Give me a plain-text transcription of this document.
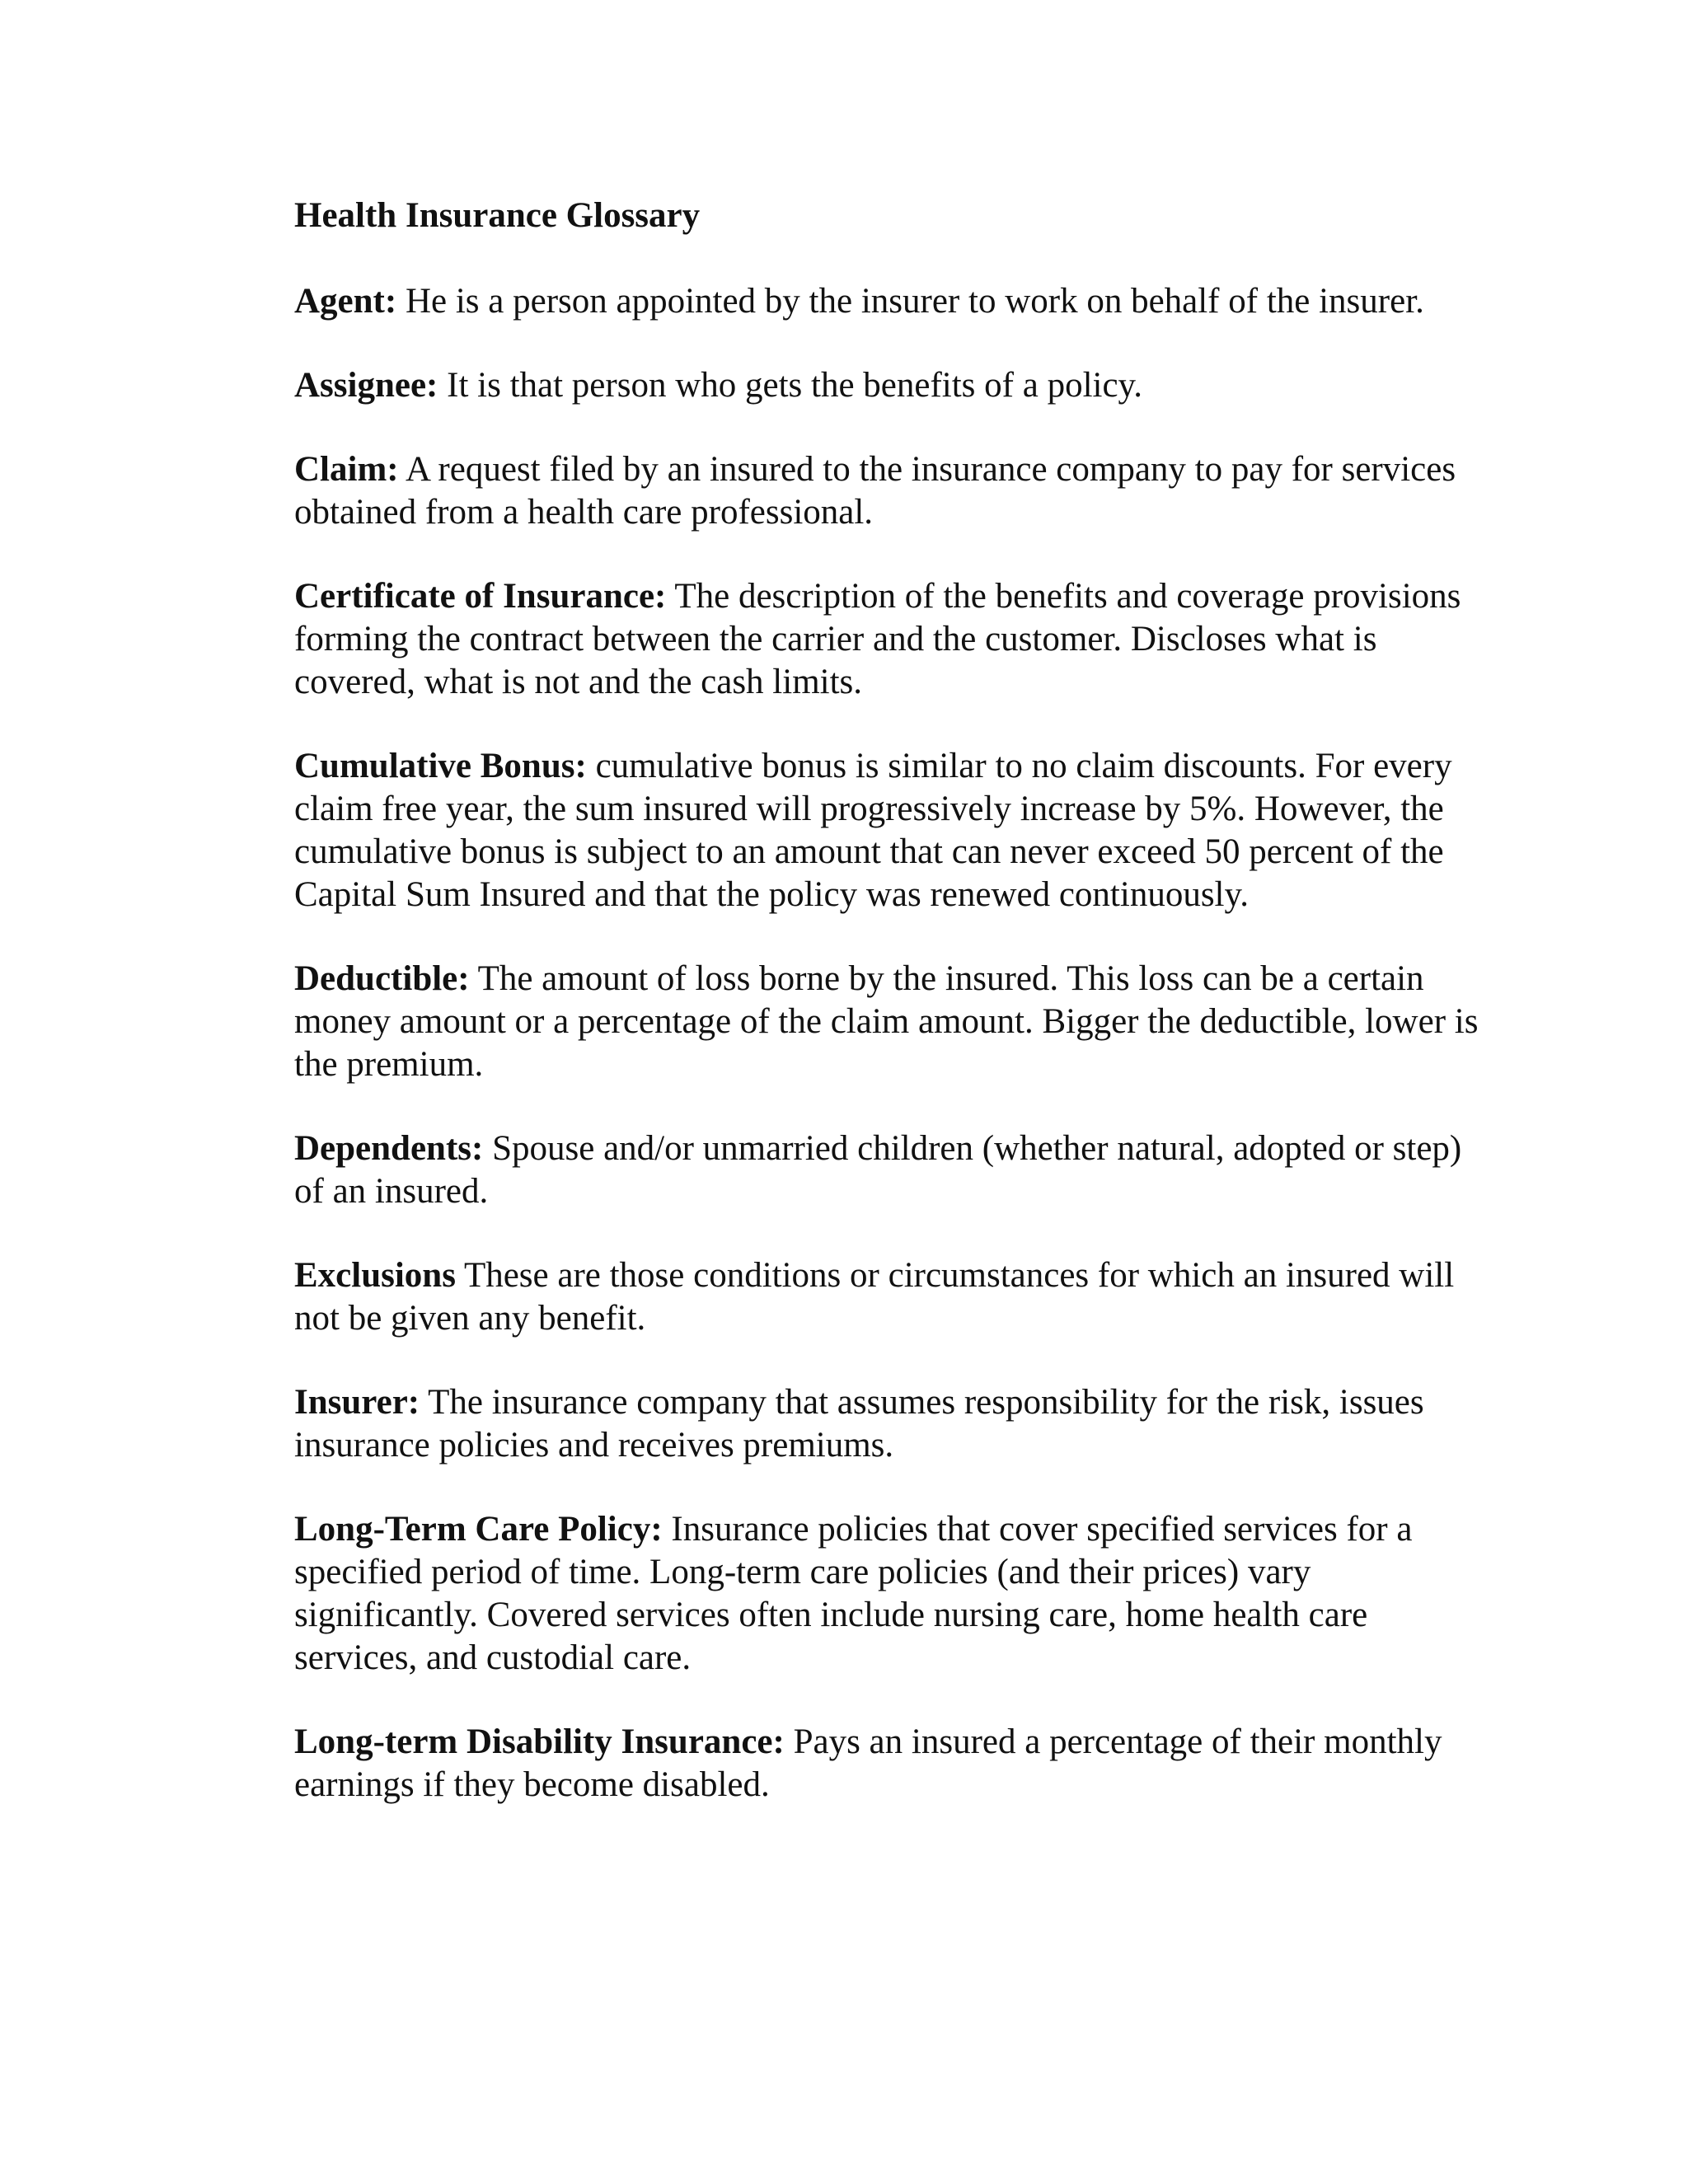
Health Insurance Glossary

Agent: He is a person appointed by the insurer to work on behalf of the insurer.

Assignee: It is that person who gets the benefits of a policy.

Claim: A request filed by an insured to the insurance company to pay for services obtained from a health care professional.

Certificate of Insurance: The description of the benefits and coverage provisions forming the contract between the carrier and the customer. Discloses what is covered, what is not and the cash limits.

Cumulative Bonus: cumulative bonus is similar to no claim discounts. For every claim free year, the sum insured will progressively increase by 5%. However, the cumulative bonus is subject to an amount that can never exceed 50 percent of the Capital Sum Insured and that the policy was renewed continuously.

Deductible: The amount of loss borne by the insured. This loss can be a certain money amount or a percentage of the claim amount. Bigger the deductible, lower is the premium.

Dependents: Spouse and/or unmarried children (whether natural, adopted or step) of an insured.

Exclusions These are those conditions or circumstances for which an insured will not be given any benefit.

Insurer: The insurance company that assumes responsibility for the risk, issues insurance policies and receives premiums.

Long-Term Care Policy: Insurance policies that cover specified services for a specified period of time. Long-term care policies (and their prices) vary significantly. Covered services often include nursing care, home health care services, and custodial care.

Long-term Disability Insurance: Pays an insured a percentage of their monthly earnings if they become disabled.
